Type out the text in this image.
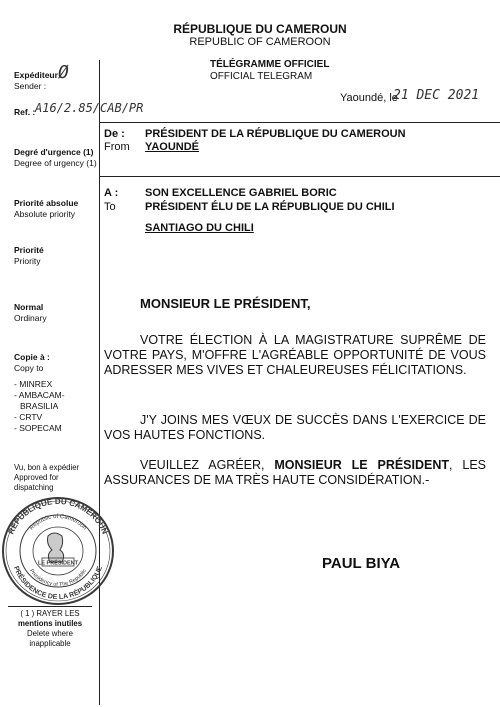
RÉPUBLIQUE DU CAMEROUN
REPUBLIC OF CAMEROON
Expéditeur :
Sender :
Ø
Ref. : A16/2.85/CAB/PR
Degré d'urgence (1)
Degree of urgency (1)
Priorité absolue
Absolute priority
Priorité
Priority
Normal
Ordinary
Copie à :
Copy to
- MINREX
- AMBACAM-
BRASILIA
- CRTV
- SOPECAM
Vu, bon à expédier
Approved for
dispatching
( 1 ) RAYER LES
mentions inutiles
Delete where
inapplicable
TÉLÉGRAMME OFFICIEL
OFFICIAL TELEGRAM
Yaoundé, le
21 DEC 2021
De :
From
PRÉSIDENT DE LA RÉPUBLIQUE DU CAMEROUN
YAOUNDÉ
A :
To
SON EXCELLENCE GABRIEL BORIC
PRÉSIDENT ÉLU DE LA RÉPUBLIQUE DU CHILI
SANTIAGO DU CHILI
MONSIEUR LE PRÉSIDENT,
VOTRE ÉLECTION À LA MAGISTRATURE SUPRÊME DE VOTRE PAYS, M'OFFRE L'AGRÉABLE OPPORTUNITÉ DE VOUS ADRESSER MES VIVES ET CHALEUREUSES FÉLICITATIONS.
J'Y JOINS MES VŒUX DE SUCCÈS DANS L'EXERCICE DE VOS HAUTES FONCTIONS.
VEUILLEZ AGRÉER, MONSIEUR LE PRÉSIDENT, LES ASSURANCES DE MA TRÈS HAUTE CONSIDÉRATION.-
PAUL BIYA
REPUBLIQUE DU CAMEROUN
PRÉSIDENCE DE LA RÉPUBLIQUE
Republic of Cameroon
Presidency of The Republic
LE PRÉSIDENT
